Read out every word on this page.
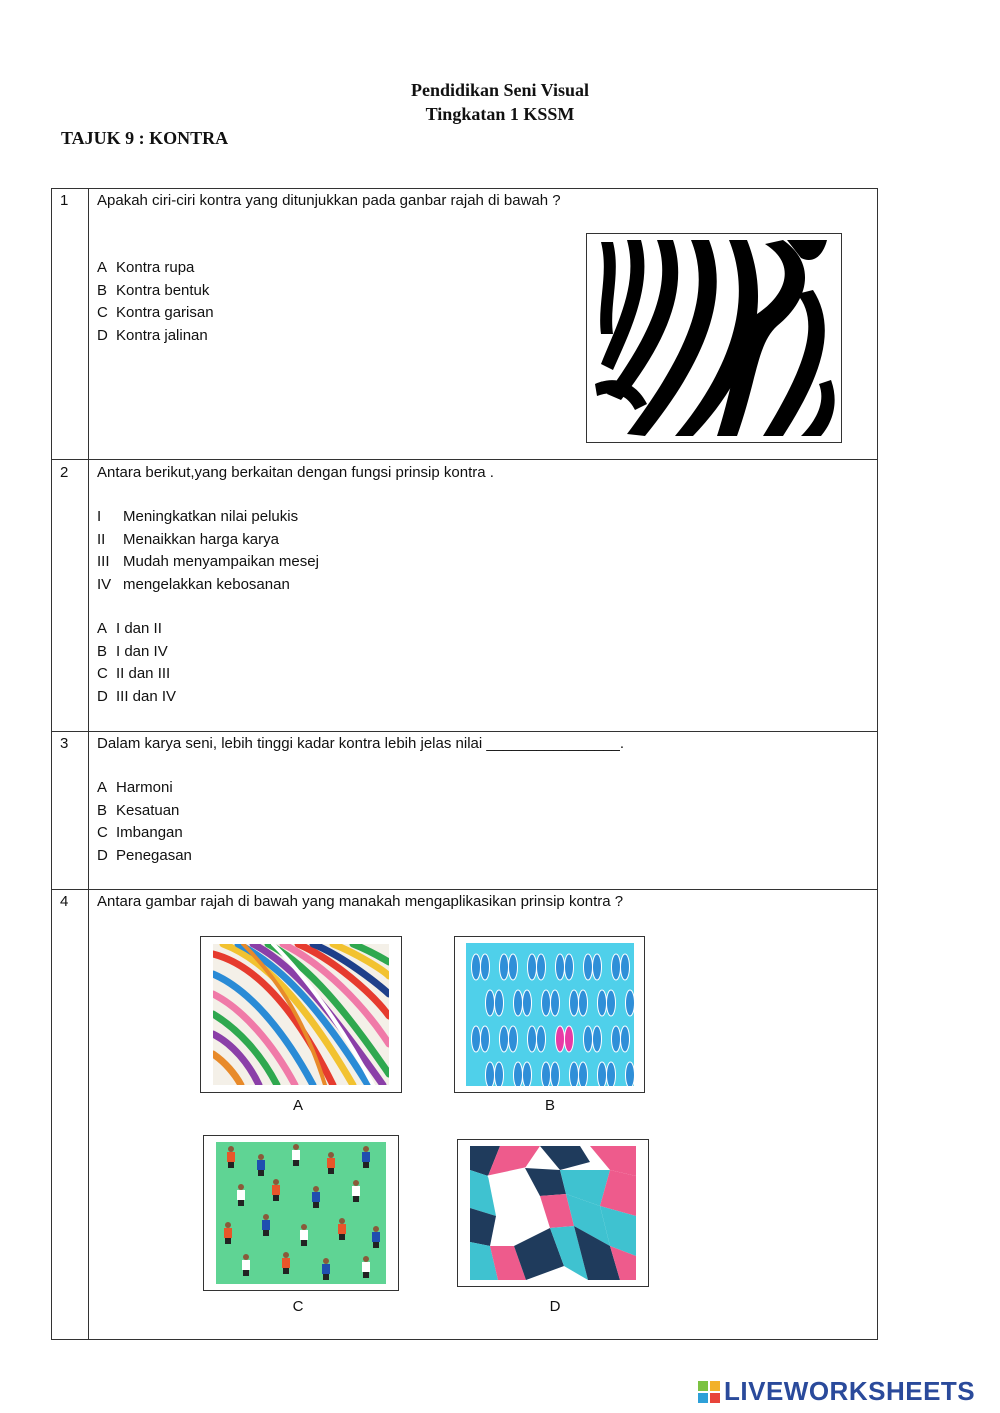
Pendidikan Seni Visual
Tingkatan 1 KSSM
TAJUK 9 : KONTRA
1 Apakah ciri-ciri kontra yang ditunjukkan pada ganbar rajah di bawah ?
A Kontra rupa
B Kontra bentuk
C Kontra garisan
D Kontra jalinan
2 Antara berikut,yang berkaitan dengan fungsi prinsip kontra .
I Meningkatkan nilai pelukis
II Menaikkan harga karya
III Mudah menyampaikan mesej
IV mengelakkan kebosanan
A I dan II
B I dan IV
C II dan III
D III dan IV
3 Dalam karya seni, lebih tinggi kadar kontra lebih jelas nilai ________________.
A Harmoni
B Kesatuan
C Imbangan
D Penegasan
4 Antara gambar rajah di bawah yang manakah mengaplikasikan prinsip kontra ?
A	B
C	D
LIVEWORKSHEETS
